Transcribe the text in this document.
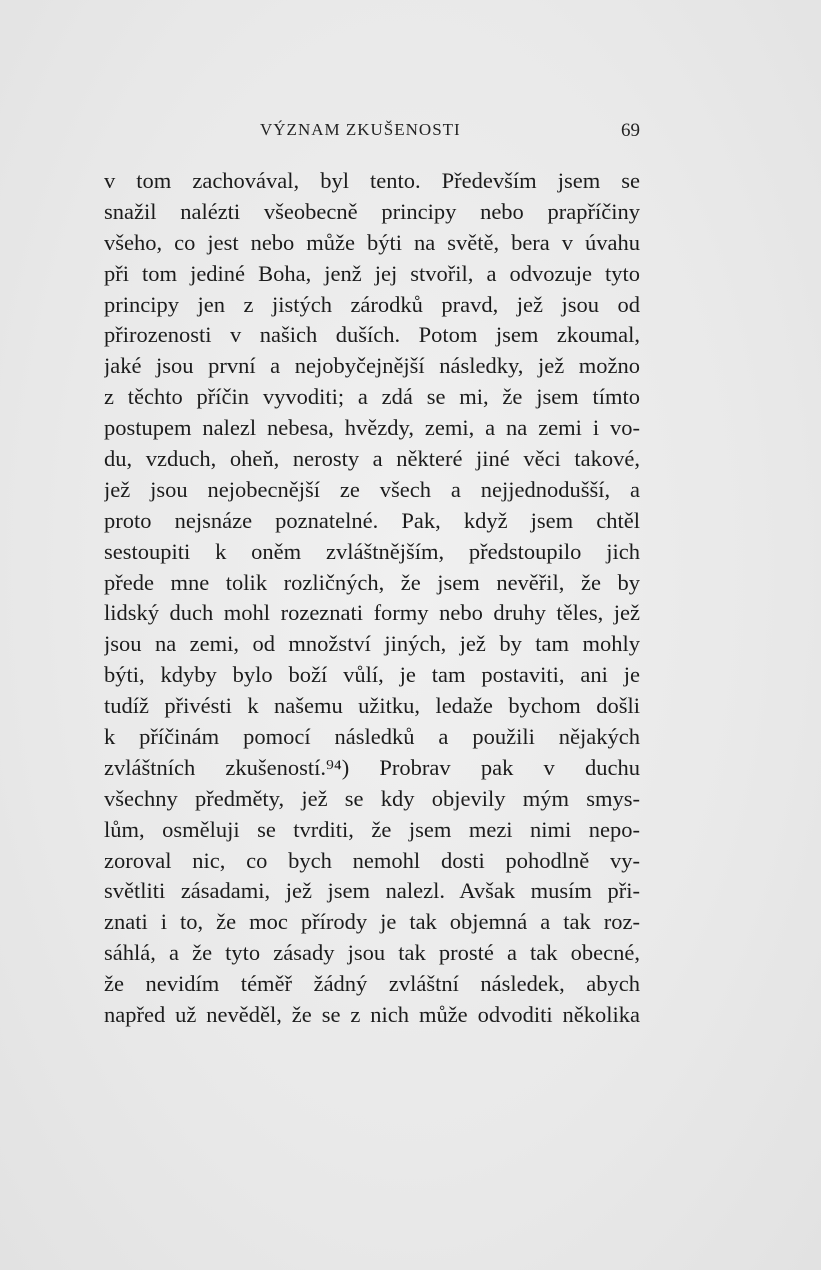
VÝZNAM ZKUŠENOSTI	69
v tom zachovával, byl tento. Především jsem se
snažil nalézti všeobecně principy nebo prapříčiny
všeho, co jest nebo může býti na světě, bera v úvahu
při tom jediné Boha, jenž jej stvořil, a odvozuje tyto
principy jen z jistých zárodků pravd, jež jsou od
přirozenosti v našich duších. Potom jsem zkoumal,
jaké jsou první a nejobyčejnější následky, jež možno
z těchto příčin vyvoditi; a zdá se mi, že jsem tímto
postupem nalezl nebesa, hvězdy, zemi, a na zemi i vo-
du, vzduch, oheň, nerosty a některé jiné věci takové,
jež jsou nejobecnější ze všech a nejjednodušší, a
proto nejsnáze poznatelné. Pak, když jsem chtěl
sestoupiti k oněm zvláštnějším, předstoupilo jich
přede mne tolik rozličných, že jsem nevěřil, že by
lidský duch mohl rozeznati formy nebo druhy těles, jež
jsou na zemi, od množství jiných, jež by tam mohly
býti, kdyby bylo boží vůlí, je tam postaviti, ani je
tudíž přivésti k našemu užitku, ledaže bychom došli
k příčinám pomocí následků a použili nějakých
zvláštních zkušeností.⁹⁴) Probrav pak v duchu
všechny předměty, jež se kdy objevily mým smys-
lům, osměluji se tvrditi, že jsem mezi nimi nepo-
zoroval nic, co bych nemohl dosti pohodlně vy-
světliti zásadami, jež jsem nalezl. Avšak musím při-
znati i to, že moc přírody je tak objemná a tak roz-
sáhlá, a že tyto zásady jsou tak prosté a tak obecné,
že nevidím téměř žádný zvláštní následek, abych
napřed už nevěděl, že se z nich může odvoditi několika
